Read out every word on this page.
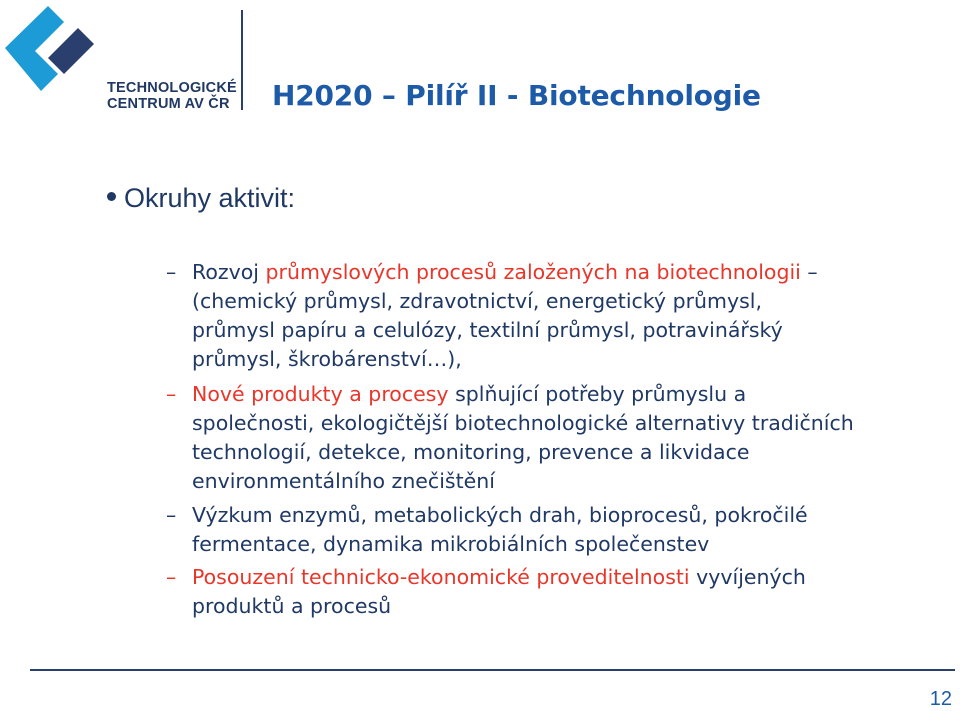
TECHNOLOGICKÉ
CENTRUM AV ČR H2020 – Pilíř II - Biotechnologie
Okruhy aktivit:
– Rozvoj průmyslových procesů založených na biotechnologii –
(chemický průmysl, zdravotnictví, energetický průmysl,
průmysl papíru a celulózy, textilní průmysl, potravinářský
průmysl, škrobárenství…),
– Nové produkty a procesy splňující potřeby průmyslu a
společnosti, ekologičtější biotechnologické alternativy tradičních
technologií, detekce, monitoring, prevence a likvidace
environmentálního znečištění
– Výzkum enzymů, metabolických drah, bioprocesů, pokročilé
fermentace, dynamika mikrobiálních společenstev
– Posouzení technicko-ekonomické proveditelnosti vyvíjených
produktů a procesů
12
